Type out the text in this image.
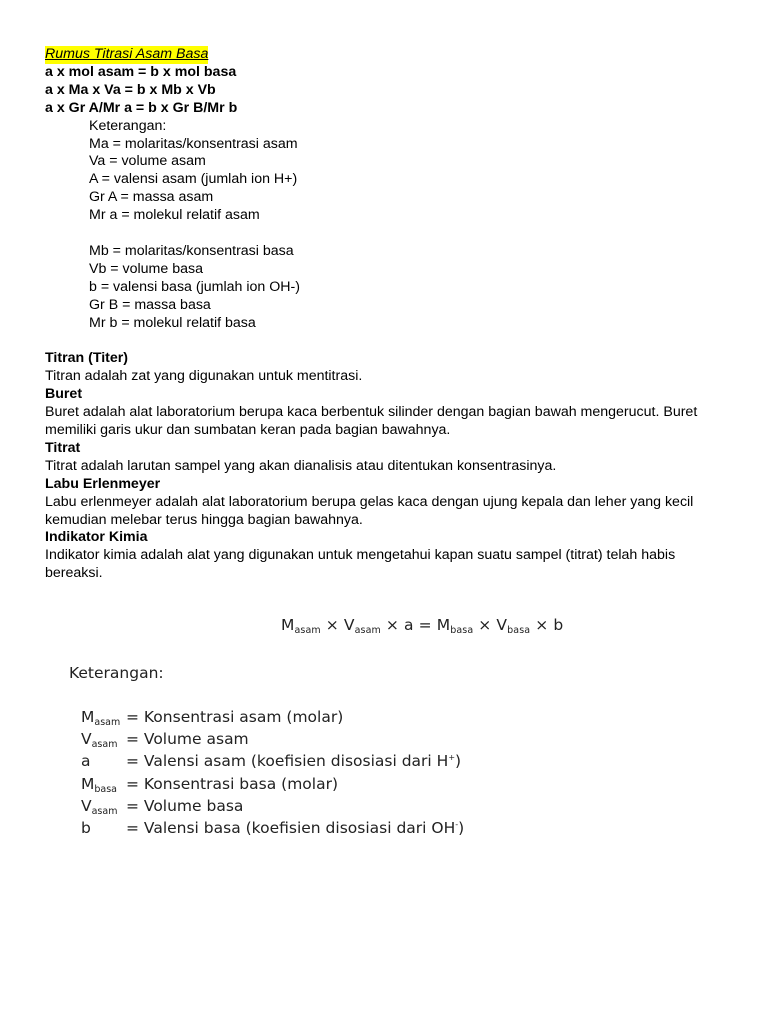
Rumus Titrasi Asam Basa
a x mol asam = b x mol basa
a x Ma x Va = b x Mb x Vb
a x Gr A/Mr a = b x Gr B/Mr b
Keterangan:
Ma = molaritas/konsentrasi asam
Va = volume asam
A = valensi asam (jumlah ion H+)
Gr A = massa asam
Mr a = molekul relatif asam
Mb = molaritas/konsentrasi basa
Vb = volume basa
b = valensi basa (jumlah ion OH-)
Gr B = massa basa
Mr b = molekul relatif basa
Titran (Titer)
Titran adalah zat yang digunakan untuk mentitrasi.
Buret
Buret adalah alat laboratorium berupa kaca berbentuk silinder dengan bagian bawah mengerucut. Buret memiliki garis ukur dan sumbatan keran pada bagian bawahnya.
Titrat
Titrat adalah larutan sampel yang akan dianalisis atau ditentukan konsentrasinya.
Labu Erlenmeyer
Labu erlenmeyer adalah alat laboratorium berupa gelas kaca dengan ujung kepala dan leher yang kecil kemudian melebar terus hingga bagian bawahnya.
Indikator Kimia
Indikator kimia adalah alat yang digunakan untuk mengetahui kapan suatu sampel (titrat) telah habis bereaksi.
$M_{asam} \times V_{asam} \times a = M_{basa} \times V_{basa} \times b$
Keterangan:
$M_{asam}$ = Konsentrasi asam (molar)
$V_{asam}$ = Volume asam
a = Valensi asam (koefisien disosiasi dari H+)
$M_{basa}$ = Konsentrasi basa (molar)
$V_{asam}$ = Volume basa
b = Valensi basa (koefisien disosiasi dari OH-)
